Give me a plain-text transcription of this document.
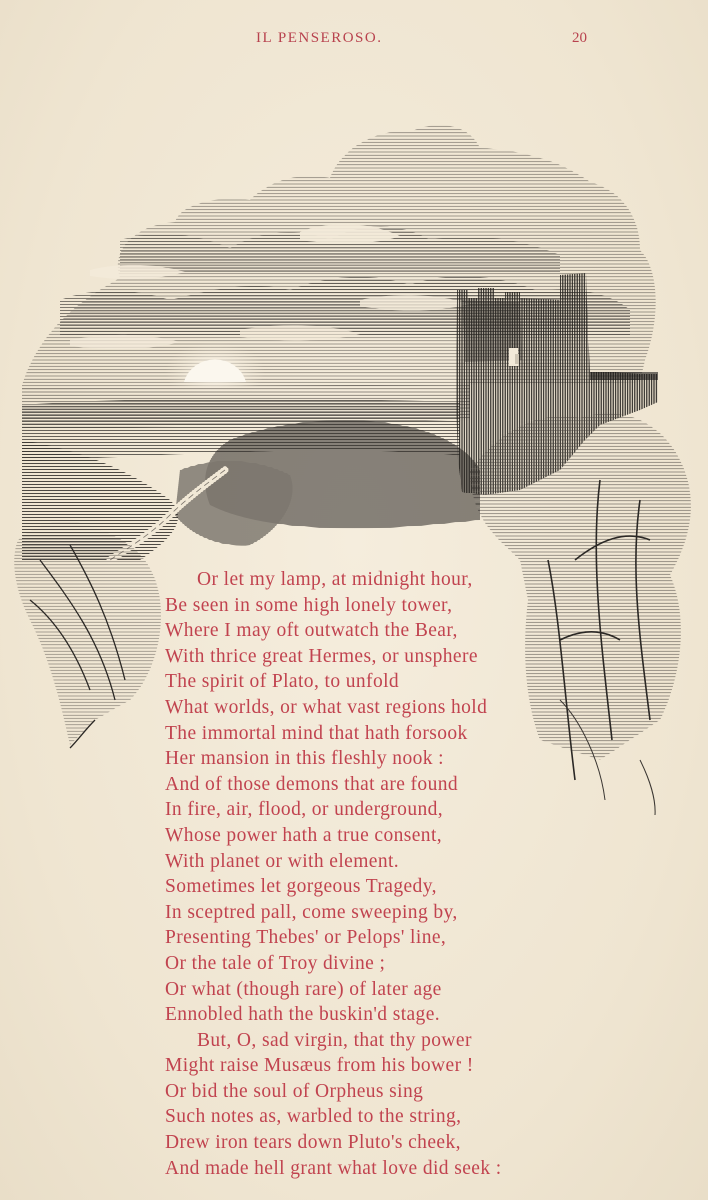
IL PENSEROSO.	20
Or let my lamp, at midnight hour,
Be seen in some high lonely tower,
Where I may oft outwatch the Bear,
With thrice great Hermes, or unsphere
The spirit of Plato, to unfold
What worlds, or what vast regions hold
The immortal mind that hath forsook
Her mansion in this fleshly nook :
And of those demons that are found
In fire, air, flood, or underground,
Whose power hath a true consent,
With planet or with element.
Sometimes let gorgeous Tragedy,
In sceptred pall, come sweeping by,
Presenting Thebes' or Pelops' line,
Or the tale of Troy divine ;
Or what (though rare) of later age
Ennobled hath the buskin'd stage.
But, O, sad virgin, that thy power
Might raise Musæus from his bower !
Or bid the soul of Orpheus sing
Such notes as, warbled to the string,
Drew iron tears down Pluto's cheek,
And made hell grant what love did seek :
